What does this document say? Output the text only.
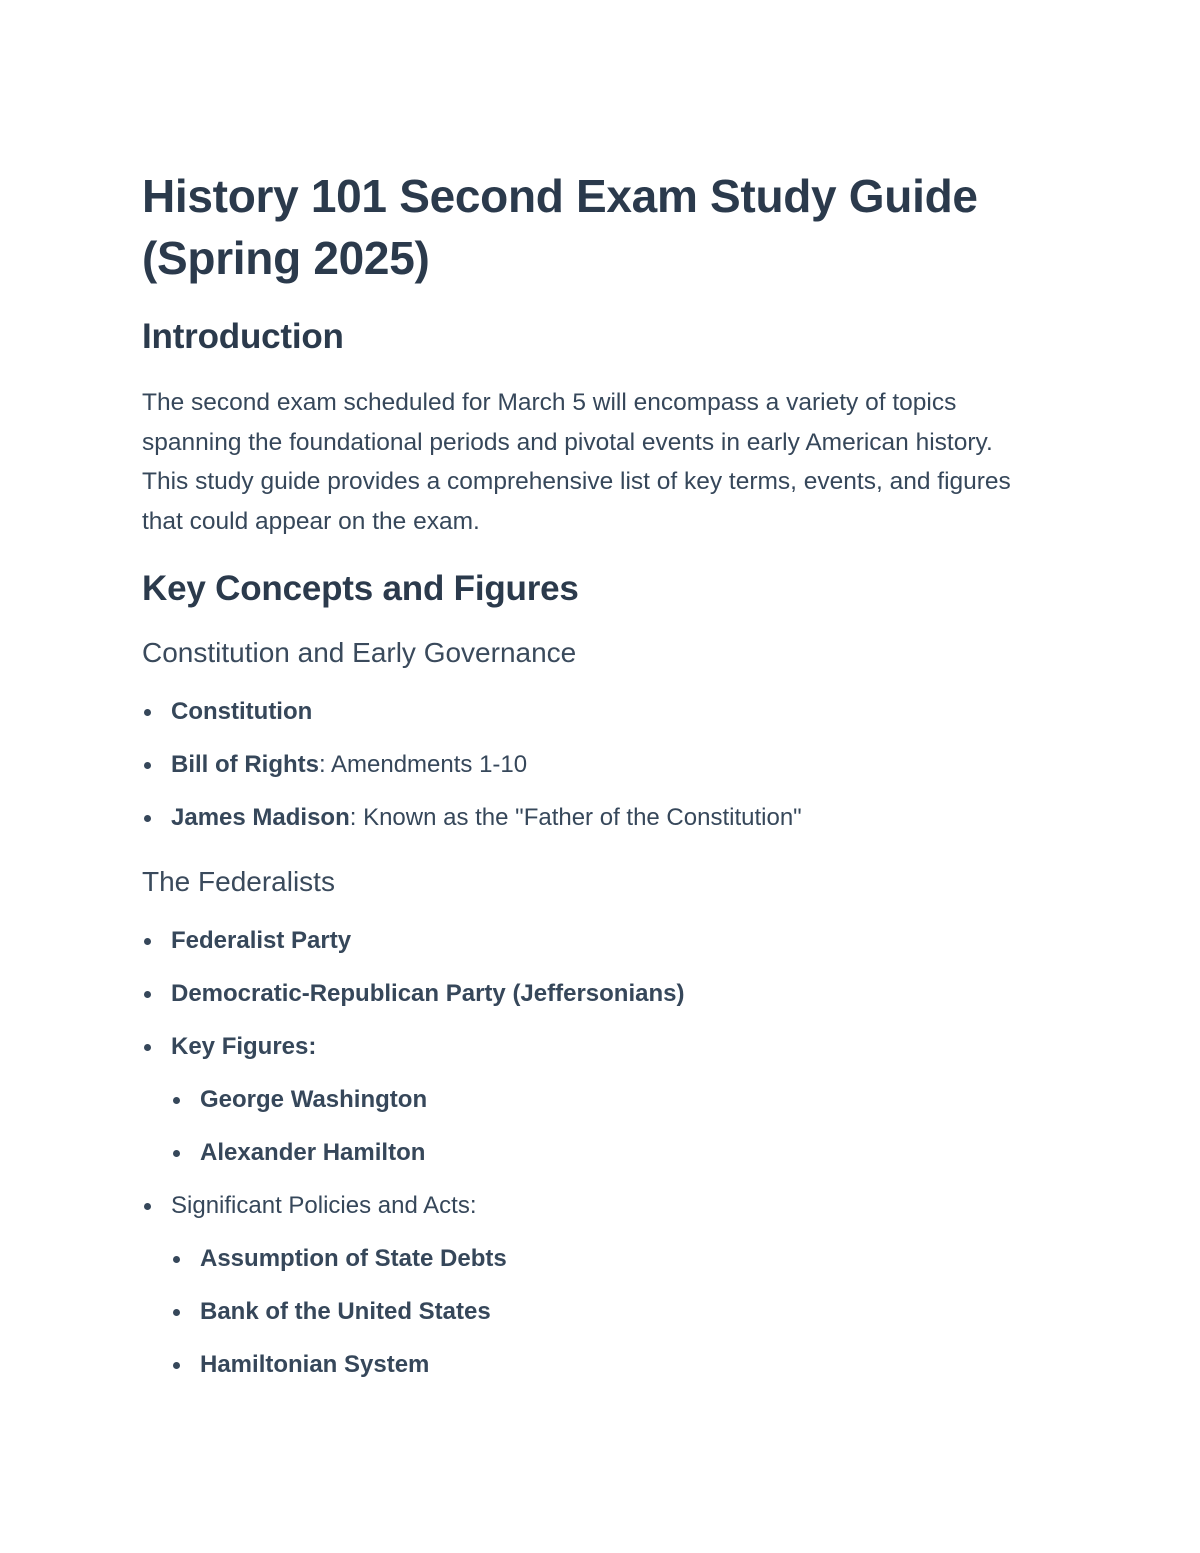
History 101 Second Exam Study Guide
(Spring 2025)
Introduction

The second exam scheduled for March 5 will encompass a variety of topics spanning the foundational periods and pivotal events in early American history. This study guide provides a comprehensive list of key terms, events, and figures that could appear on the exam.

Key Concepts and Figures
Constitution and Early Governance
Constitution
Bill of Rights: Amendments 1-10
James Madison: Known as the "Father of the Constitution"
The Federalists
Federalist Party
Democratic-Republican Party (Jeffersonians)
Key Figures:
George Washington
Alexander Hamilton
Significant Policies and Acts:
Assumption of State Debts
Bank of the United States
Hamiltonian System
